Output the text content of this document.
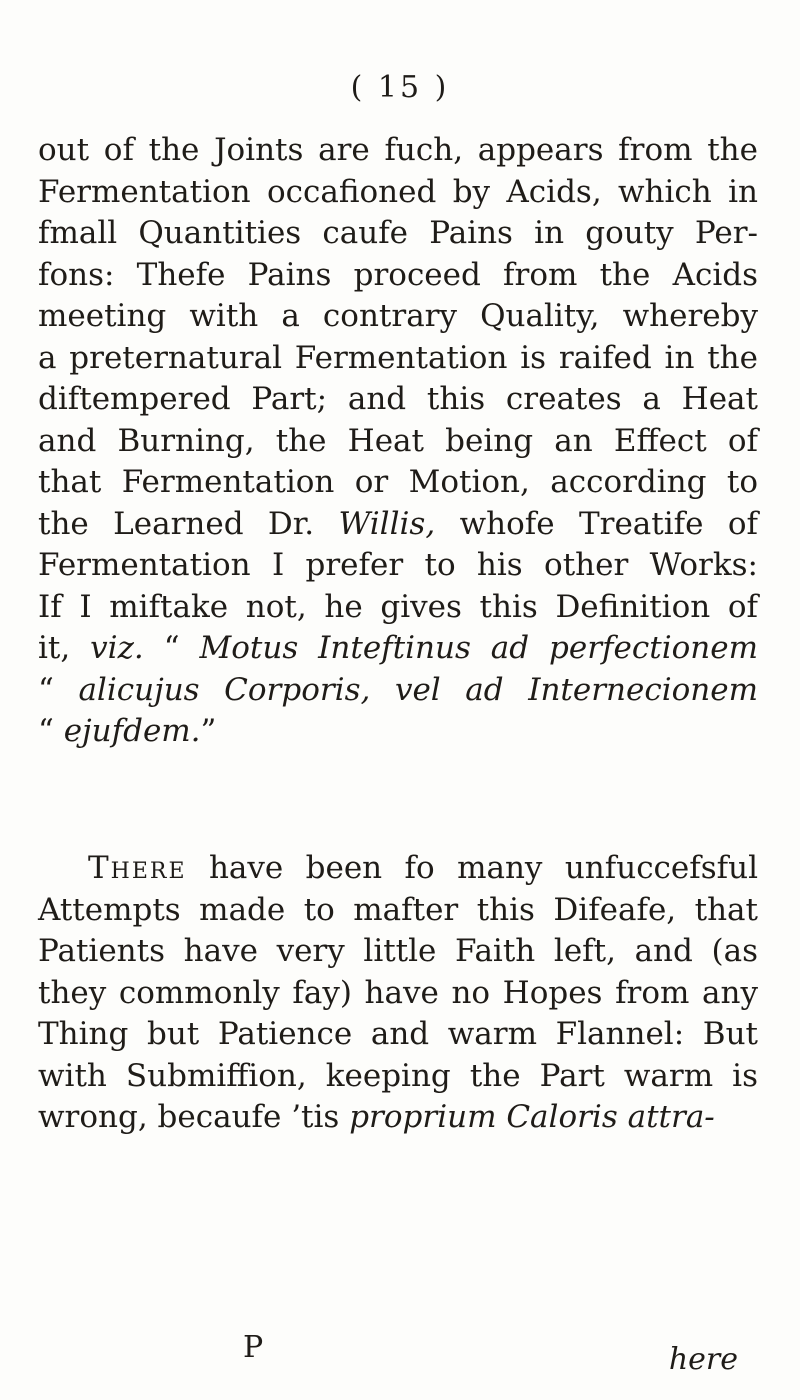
( 15 )
out of the Joints are fuch, appears from the
Fermentation occafioned by Acids, which in
fmall Quantities caufe Pains in gouty Per-
fons: Thefe Pains proceed from the Acids
meeting with a contrary Quality, whereby
a preternatural Fermentation is raifed in the
diftempered Part; and this creates a Heat
and Burning, the Heat being an Effect of
that Fermentation or Motion, according to
the Learned Dr. Willis, whofe Treatife of
Fermentation I prefer to his other Works:
If I miftake not, he gives this Definition of
it, viz. “ Motus Inteftinus ad perfectionem
“ alicujus Corporis, vel ad Internecionem
“ ejufdem.”
There have been fo many unfuccefsful
Attempts made to mafter this Difeafe, that
Patients have very little Faith left, and (as
they commonly fay) have no Hopes from any
Thing but Patience and warm Flannel: But
with Submiffion, keeping the Part warm is
wrong, becaufe ’tis proprium Caloris attra-
P	here
